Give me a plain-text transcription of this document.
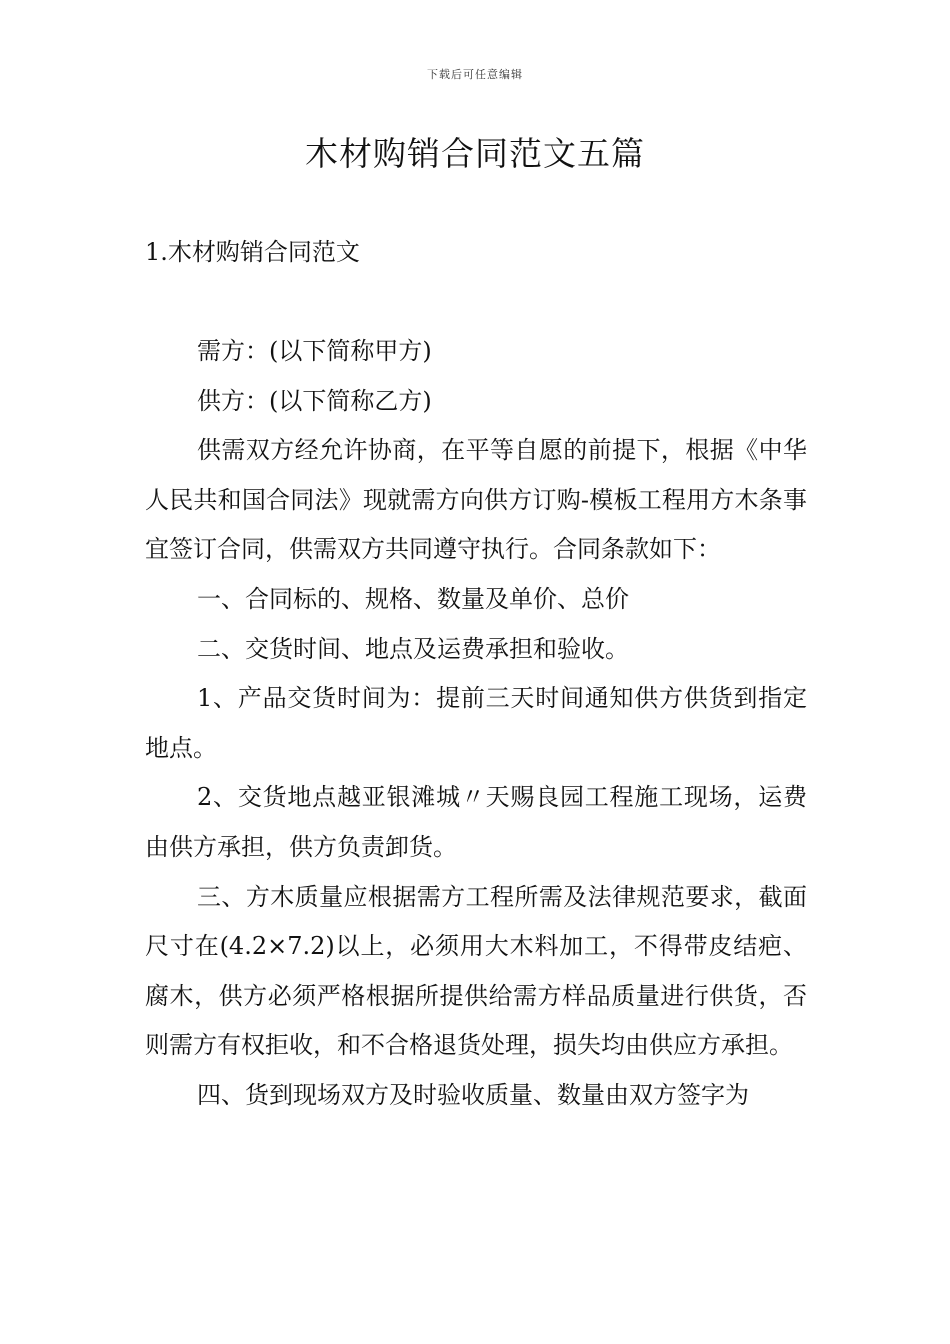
下载后可任意编辑
木材购销合同范文五篇
1.木材购销合同范文

需方：(以下简称甲方)

供方：(以下简称乙方)

供需双方经允许协商，在平等自愿的前提下，根据《中华人民共和国合同法》现就需方向供方订购-模板工程用方木条事宜签订合同，供需双方共同遵守执行。合同条款如下：

一、合同标的、规格、数量及单价、总价

二、交货时间、地点及运费承担和验收。

1、产品交货时间为：提前三天时间通知供方供货到指定地点。

2、交货地点越亚银滩城〃天赐良园工程施工现场，运费由供方承担，供方负责卸货。

三、方木质量应根据需方工程所需及法律规范要求，截面尺寸在(4.2×7.2)以上，必须用大木料加工，不得带皮结疤、腐木，供方必须严格根据所提供给需方样品质量进行供货，否则需方有权拒收，和不合格退货处理，损失均由供应方承担。

四、货到现场双方及时验收质量、数量由双方签字为
